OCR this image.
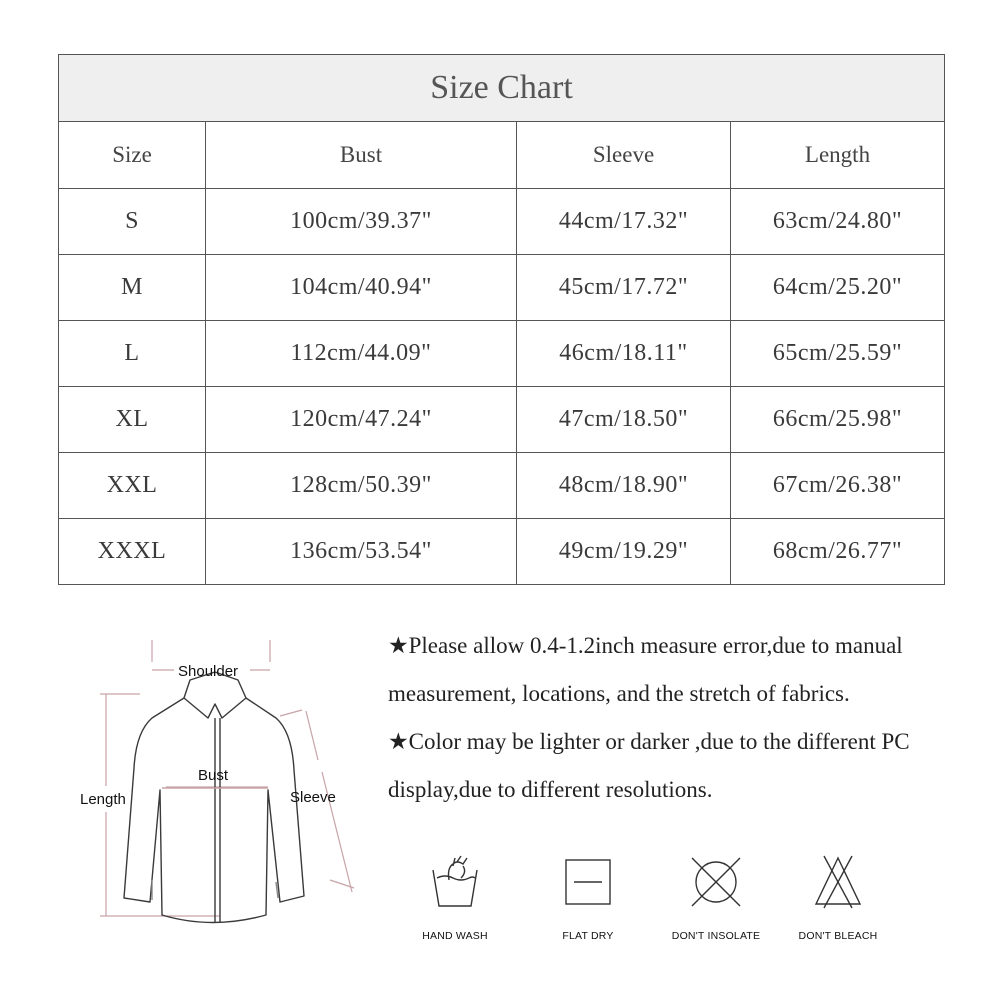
Size Chart			
Size	Bust	Sleeve	Length
S	100cm/39.37"	44cm/17.32"	63cm/24.80"
M	104cm/40.94"	45cm/17.72"	64cm/25.20"
L	112cm/44.09"	46cm/18.11"	65cm/25.59"
XL	120cm/47.24"	47cm/18.50"	66cm/25.98"
XXL	128cm/50.39"	48cm/18.90"	67cm/26.38"
XXXL	136cm/53.54"	49cm/19.29"	68cm/26.77"
Shoulder
Bust
Length	Sleeve

★Please allow 0.4-1.2inch measure error,due to manual measurement, locations, and the stretch of fabrics.

★Color may be lighter or darker ,due to the different PC display,due to different resolutions.

HAND WASH	FLAT DRY	DON'T INSOLATE	DON'T BLEACH
